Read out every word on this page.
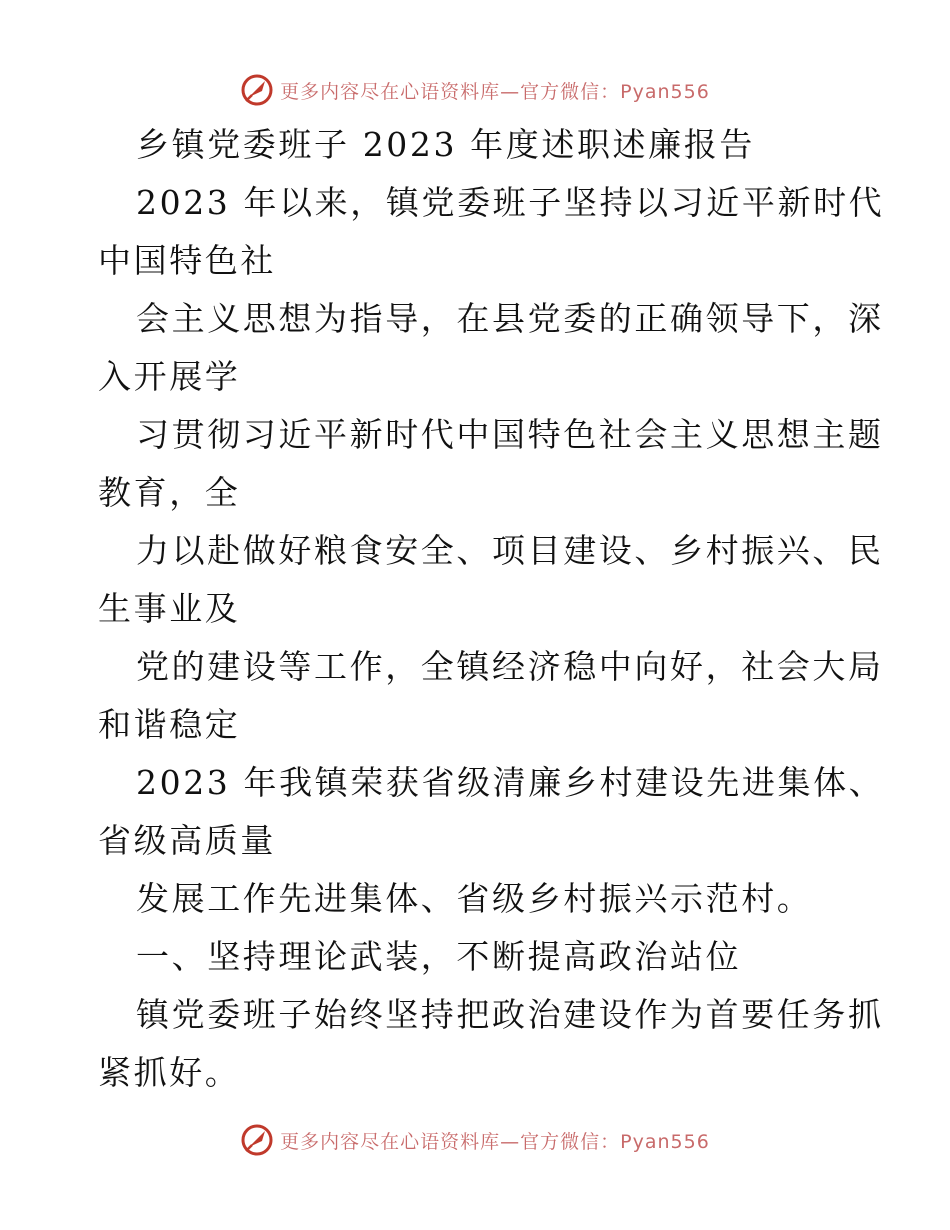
更多内容尽在心语资料库—官方微信：Pyan556
乡镇党委班子 2023 年度述职述廉报告
2023 年以来，镇党委班子坚持以习近平新时代
中国特色社
会主义思想为指导，在县党委的正确领导下，深
入开展学
习贯彻习近平新时代中国特色社会主义思想主题
教育，全
力以赴做好粮食安全、项目建设、乡村振兴、民
生事业及
党的建设等工作，全镇经济稳中向好，社会大局
和谐稳定
2023 年我镇荣获省级清廉乡村建设先进集体、
省级高质量
发展工作先进集体、省级乡村振兴示范村。
一、坚持理论武装，不断提高政治站位
镇党委班子始终坚持把政治建设作为首要任务抓
紧抓好。
更多内容尽在心语资料库—官方微信：Pyan556
